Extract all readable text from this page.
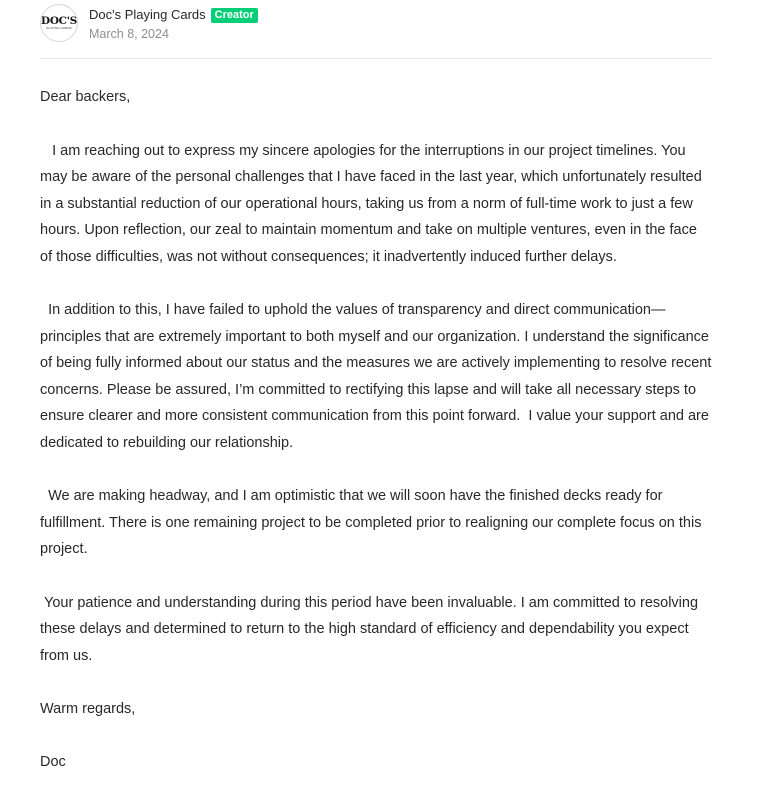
DOC'S
PLAYING CARDS
Doc's Playing Cards Creator
March 8, 2024

Dear backers,

I am reaching out to express my sincere apologies for the interruptions in our project timelines. You may be aware of the personal challenges that I have faced in the last year, which unfortunately resulted in a substantial reduction of our operational hours, taking us from a norm of full-time work to just a few hours. Upon reflection, our zeal to maintain momentum and take on multiple ventures, even in the face of those difficulties, was not without consequences; it inadvertently induced further delays.

In addition to this, I have failed to uphold the values of transparency and direct communication—principles that are extremely important to both myself and our organization. I understand the significance of being fully informed about our status and the measures we are actively implementing to resolve recent concerns. Please be assured, I’m committed to rectifying this lapse and will take all necessary steps to ensure clearer and more consistent communication from this point forward.  I value your support and are dedicated to rebuilding our relationship.

We are making headway, and I am optimistic that we will soon have the finished decks ready for fulfillment. There is one remaining project to be completed prior to realigning our complete focus on this project.

Your patience and understanding during this period have been invaluable. I am committed to resolving these delays and determined to return to the high standard of efficiency and dependability you expect from us.

Warm regards,

Doc
